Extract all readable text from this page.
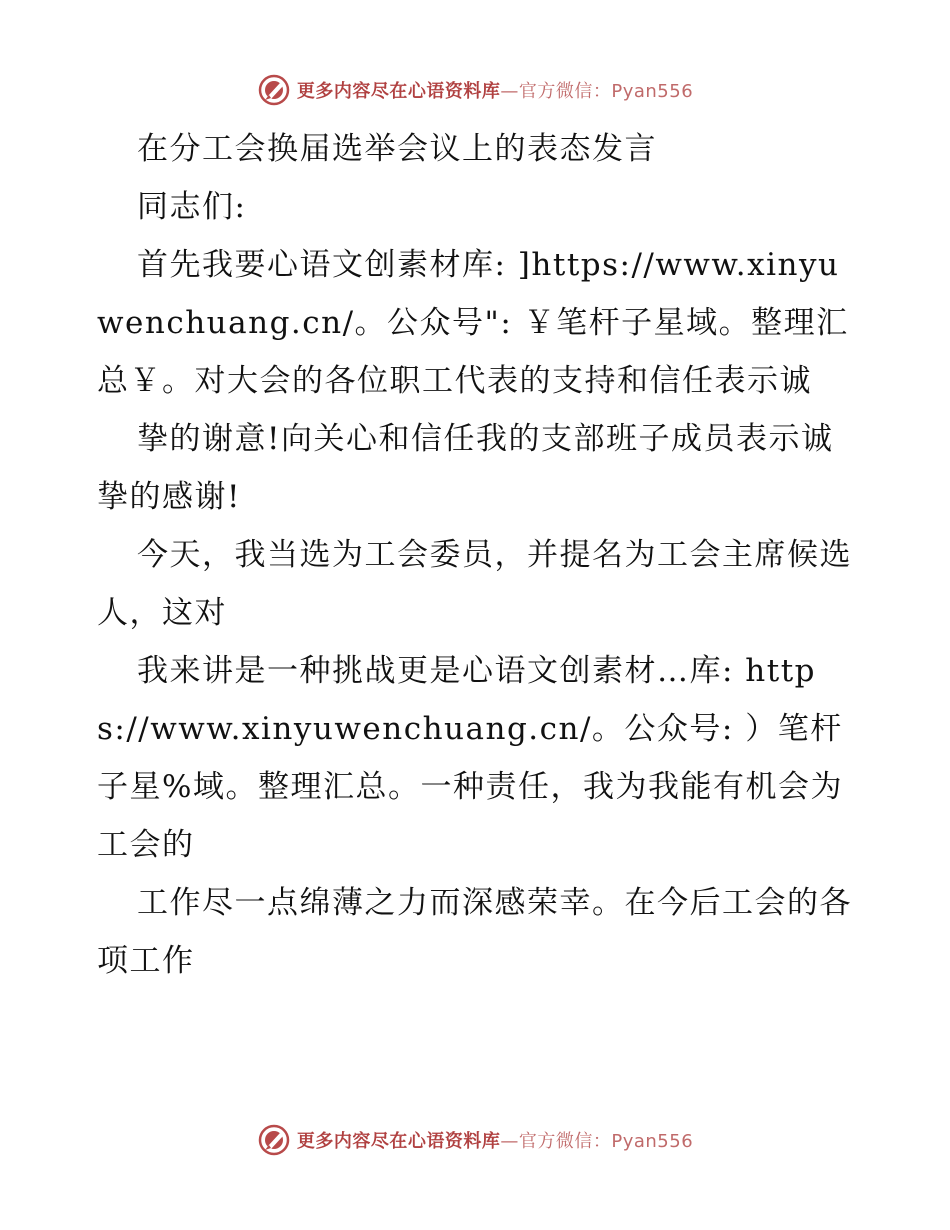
更多内容尽在心语资料库—官方微信：Pyan556

在分工会换届选举会议上的表态发言

同志们:

首先我要心语文创素材库: ]https://www.xinyuwenchuang.cn/。公众号": ￥笔杆子星域。整理汇总￥。对大会的各位职工代表的支持和信任表示诚

挚的谢意!向关心和信任我的支部班子成员表示诚挚的感谢!

今天，我当选为工会委员，并提名为工会主席候选人，这对

我来讲是一种挑战更是心语文创素材…库: https://www.xinyuwenchuang.cn/。公众号: ）笔杆子星%域。整理汇总。一种责任，我为我能有机会为工会的

工作尽一点绵薄之力而深感荣幸。在今后工会的各项工作

更多内容尽在心语资料库—官方微信：Pyan556
